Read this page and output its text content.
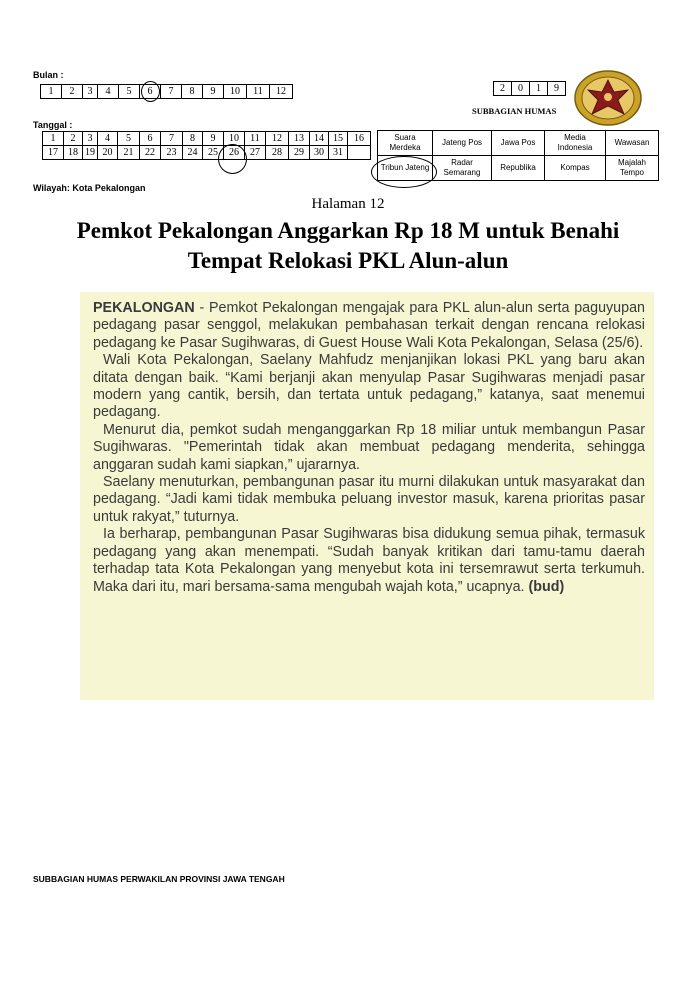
Bulan :
1	2	3	4	5	6	7	8	9	10	11	12
Tanggal :
1	2	3	4	5	6	7	8	9	10	11	12	13	14	15	16
17	18	19	20	21	22	23	24	25	26	27	28	29	30	31	
2	0	1	9
SUBBAGIAN HUMAS
Suara Merdeka	Jateng Pos	Jawa Pos	Media Indonesia	Wawasan
Tribun Jateng	Radar Semarang	Republika	Kompas	Majalah Tempo
Wilayah: Kota Pekalongan
Halaman 12
Pemkot Pekalongan Anggarkan Rp 18 M untuk Benahi
Tempat Relokasi PKL Alun-alun

PEKALONGAN - Pemkot Pekalongan mengajak para PKL alun-alun serta paguyupan pedagang pasar senggol, melakukan pembahasan terkait dengan rencana relokasi pedagang ke Pasar Sugihwaras, di Guest House Wali Kota Pekalongan, Selasa (25/6).

Wali Kota Pekalongan, Saelany Mahfudz menjanjikan lokasi PKL yang baru akan ditata dengan baik. “Kami berjanji akan menyulap Pasar Sugihwaras menjadi pasar modern yang cantik, bersih, dan tertata untuk pedagang,” katanya, saat menemui pedagang.

Menurut dia, pemkot sudah menganggarkan Rp 18 miliar untuk membangun Pasar Sugihwaras. "Pemerintah tidak akan membuat pedagang menderita, sehingga anggaran sudah kami siapkan,” ujararnya.

Saelany menuturkan, pembangunan pasar itu murni dilakukan untuk masyarakat dan pedagang. “Jadi kami tidak membuka peluang investor masuk, karena prioritas pasar untuk rakyat,” tuturnya.

Ia berharap, pembangunan Pasar Sugihwaras bisa didukung semua pihak, termasuk pedagang yang akan menempati. “Sudah banyak kritikan dari tamu-tamu daerah terhadap tata Kota Pekalongan yang menyebut kota ini tersemrawut serta terkumuh. Maka dari itu, mari bersama-sama mengubah wajah kota,” ucapnya. (bud)

SUBBAGIAN HUMAS PERWAKILAN PROVINSI JAWA TENGAH
